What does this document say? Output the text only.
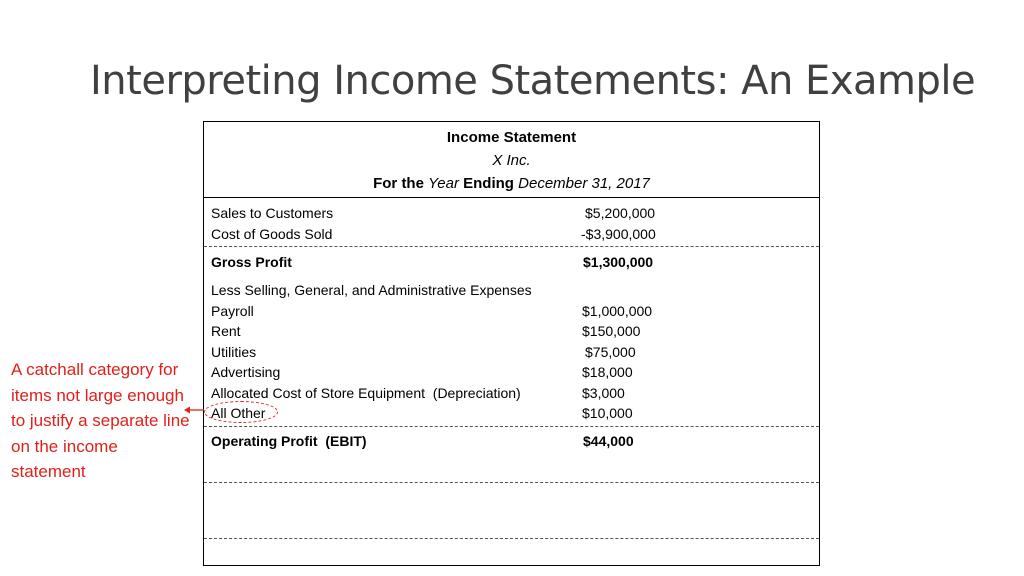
Interpreting Income Statements: An Example
Income Statement
X Inc.
For the Year Ending December 31, 2017
Sales to Customers	$5,200,000
Cost of Goods Sold	-$3,900,000
Gross Profit	$1,300,000
Less Selling, General, and Administrative Expenses
Payroll	$1,000,000
Rent	$150,000
Utilities	$75,000
Advertising	$18,000
Allocated Cost of Store Equipment  (Depreciation)	$3,000
All Other	$10,000
Operating Profit  (EBIT)	$44,000
A catchall category for items not large enough to justify a separate line on the income statement
